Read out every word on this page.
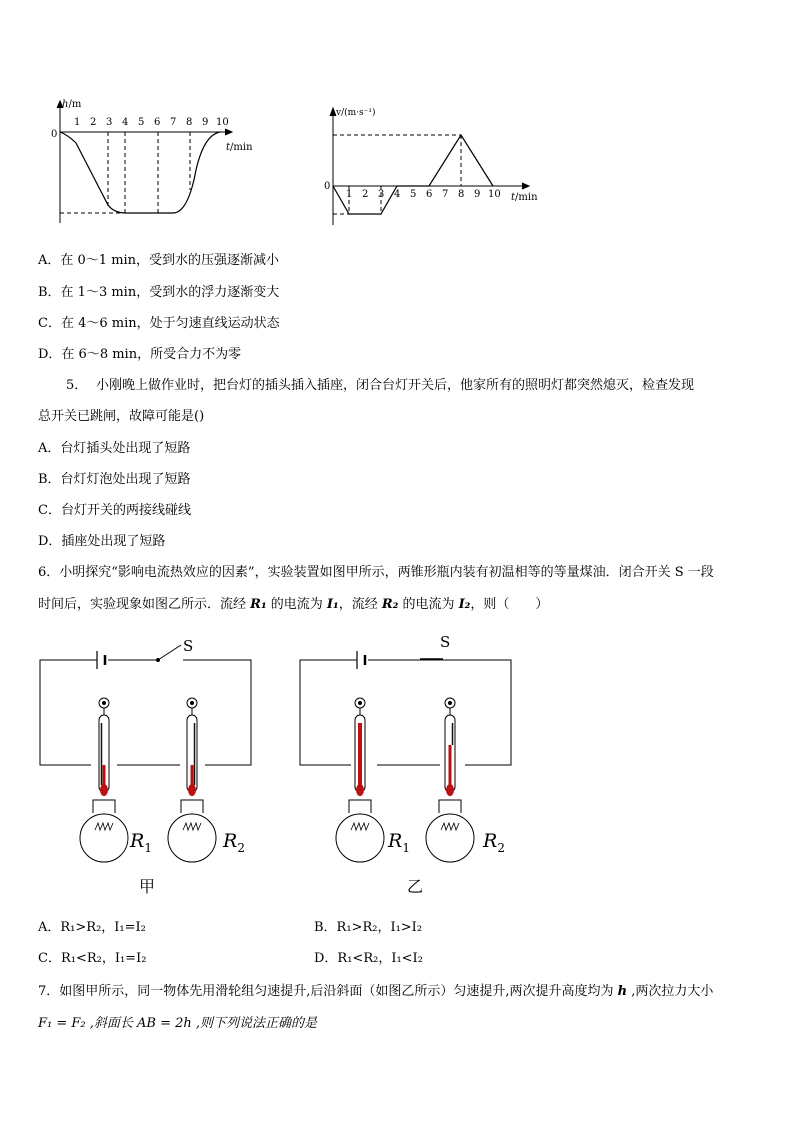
h/m
0
1 2 3 4 5 6 7 8 9 10
t/min
v/(m·s⁻¹)
0
1 2 3 4 5 6 7 8 9 10 t/min
A．在 0～1 min，受到水的压强逐渐减小
B．在 1～3 min，受到水的浮力逐渐变大
C．在 4～6 min，处于匀速直线运动状态
D．在 6～8 min，所受合力不为零
5． 小刚晚上做作业时，把台灯的插头插入插座，闭合台灯开关后，他家所有的照明灯都突然熄灭，检查发现
总开关已跳闸，故障可能是()
A．台灯插头处出现了短路
B．台灯灯泡处出现了短路
C．台灯开关的两接线碰线
D．插座处出现了短路
6．小明探究“影响电流热效应的因素”，实验装置如图甲所示，两锥形瓶内装有初温相等的等量煤油．闭合开关 S 一段
时间后，实验现象如图乙所示．流经 R₁ 的电流为 I₁，流经 R₂ 的电流为 I₂，则（　　）
S
$R_1$	$R_2$
甲
S
$R_1$	$R_2$
乙
A．R₁>R₂，I₁=I₂	B．R₁>R₂，I₁>I₂
C．R₁<R₂，I₁=I₂	D．R₁<R₂，I₁<I₂
7．如图甲所示，同一物体先用滑轮组匀速提升,后沿斜面（如图乙所示）匀速提升,两次提升高度均为 h ,两次拉力大小
F₁ = F₂ ,斜面长 AB = 2h ,则下列说法正确的是
